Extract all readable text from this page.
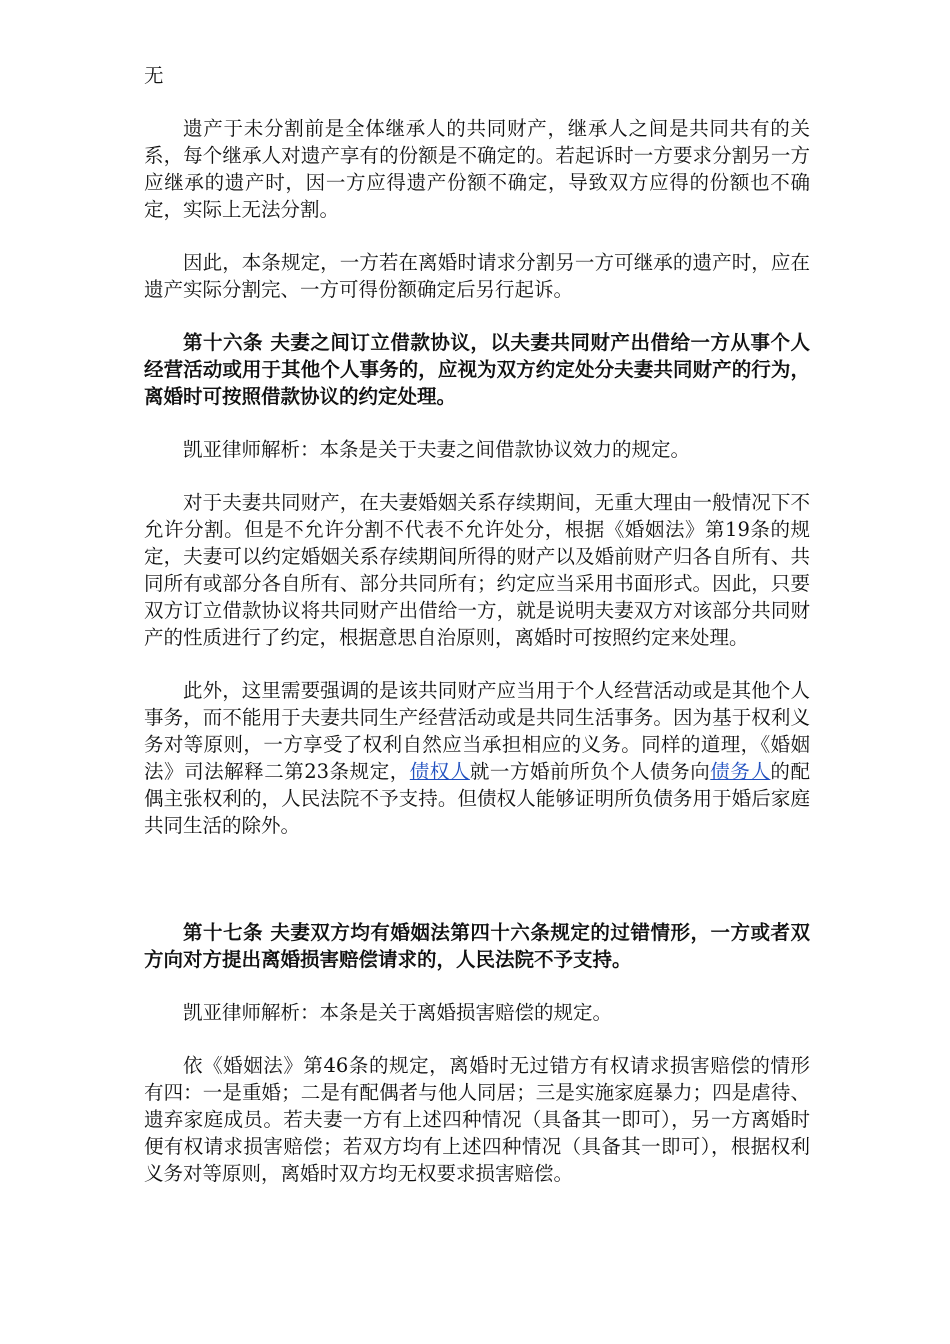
无

遗产于未分割前是全体继承人的共同财产，继承人之间是共同共有的关系，每个继承人对遗产享有的份额是不确定的。若起诉时一方要求分割另一方应继承的遗产时，因一方应得遗产份额不确定，导致双方应得的份额也不确定，实际上无法分割。

因此，本条规定，一方若在离婚时请求分割另一方可继承的遗产时，应在遗产实际分割完、一方可得份额确定后另行起诉。

第十六条 夫妻之间订立借款协议，以夫妻共同财产出借给一方从事个人经营活动或用于其他个人事务的，应视为双方约定处分夫妻共同财产的行为，离婚时可按照借款协议的约定处理。

凯亚律师解析：本条是关于夫妻之间借款协议效力的规定。

对于夫妻共同财产，在夫妻婚姻关系存续期间，无重大理由一般情况下不允许分割。但是不允许分割不代表不允许处分，根据《婚姻法》第19条的规定，夫妻可以约定婚姻关系存续期间所得的财产以及婚前财产归各自所有、共同所有或部分各自所有、部分共同所有；约定应当采用书面形式。因此，只要双方订立借款协议将共同财产出借给一方，就是说明夫妻双方对该部分共同财产的性质进行了约定，根据意思自治原则，离婚时可按照约定来处理。

此外，这里需要强调的是该共同财产应当用于个人经营活动或是其他个人事务，而不能用于夫妻共同生产经营活动或是共同生活事务。因为基于权利义务对等原则，一方享受了权利自然应当承担相应的义务。同样的道理，《婚姻法》司法解释二第23条规定，债权人就一方婚前所负个人债务向债务人的配偶主张权利的，人民法院不予支持。但债权人能够证明所负债务用于婚后家庭共同生活的除外。

第十七条 夫妻双方均有婚姻法第四十六条规定的过错情形，一方或者双方向对方提出离婚损害赔偿请求的，人民法院不予支持。

凯亚律师解析：本条是关于离婚损害赔偿的规定。

依《婚姻法》第46条的规定，离婚时无过错方有权请求损害赔偿的情形有四：一是重婚；二是有配偶者与他人同居；三是实施家庭暴力；四是虐待、遗弃家庭成员。若夫妻一方有上述四种情况（具备其一即可），另一方离婚时便有权请求损害赔偿；若双方均有上述四种情况（具备其一即可），根据权利义务对等原则，离婚时双方均无权要求损害赔偿。
